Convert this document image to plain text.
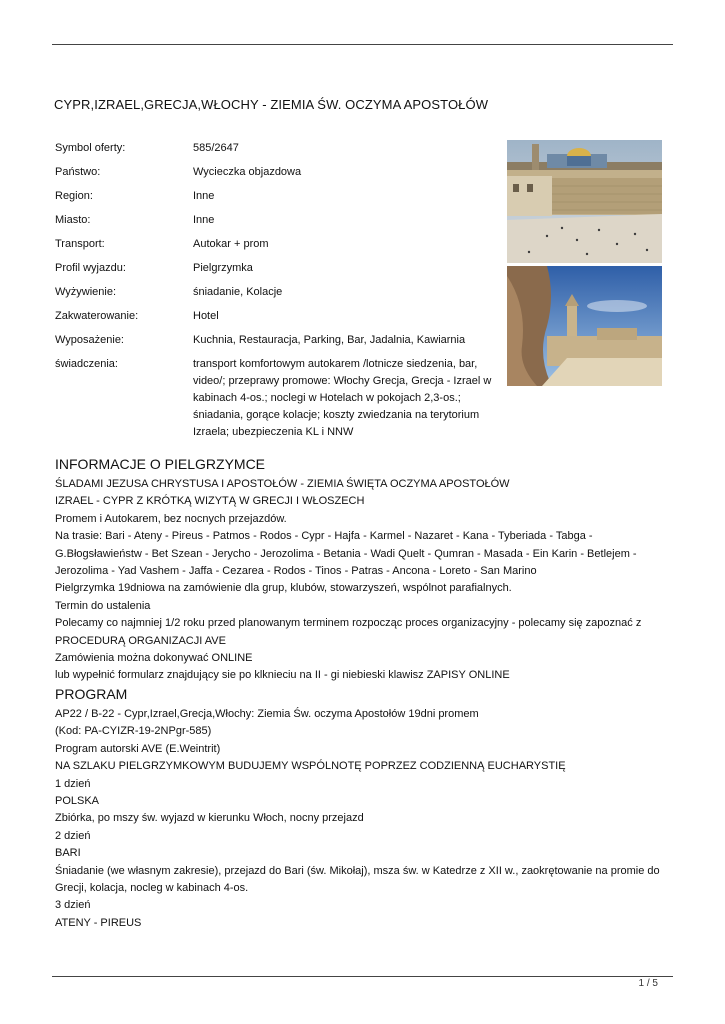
CYPR,IZRAEL,GRECJA,WŁOCHY - ZIEMIA ŚW. OCZYMA APOSTOŁÓW
Symbol oferty:	585/2647
Państwo:	Wycieczka objazdowa
Region:	Inne
Miasto:	Inne
Transport:	Autokar + prom
Profil wyjazdu:	Pielgrzymka
Wyżywienie:	śniadanie, Kolacje
Zakwaterowanie:	Hotel
Wyposażenie:	Kuchnia, Restauracja, Parking, Bar, Jadalnia, Kawiarnia
świadczenia:	transport komfortowym autokarem /lotnicze siedzenia, bar, video/; przeprawy promowe: Włochy Grecja, Grecja - Izrael w kabinach 4-os.; noclegi w Hotelach w pokojach 2,3-os.; śniadania, gorące kolacje; koszty zwiedzania na terytorium Izraela; ubezpieczenia KL i NNW
INFORMACJE O PIELGRZYMCE
ŚLADAMI JEZUSA CHRYSTUSA I APOSTOŁÓW - ZIEMIA ŚWIĘTA OCZYMA APOSTOŁÓW
IZRAEL - CYPR Z KRÓTKĄ WIZYTĄ W GRECJI I WŁOSZECH
Promem i Autokarem, bez nocnych przejazdów.
Na trasie: Bari - Ateny - Pireus - Patmos - Rodos - Cypr - Hajfa - Karmel - Nazaret - Kana - Tyberiada - Tabga -
G.Błogsławieństw - Bet Szean - Jerycho - Jerozolima - Betania - Wadi Quelt - Qumran - Masada - Ein Karin - Betlejem -
Jerozolima - Yad Vashem - Jaffa - Cezarea - Rodos - Tinos - Patras - Ancona - Loreto - San Marino
Pielgrzymka 19dniowa na zamówienie dla grup, klubów, stowarzyszeń, wspólnot parafialnych.
Termin do ustalenia
Polecamy co najmniej 1/2 roku przed planowanym terminem rozpocząc proces organizacyjny - polecamy się zapoznać z
PROCEDURĄ ORGANIZACJI AVE
Zamówienia można dokonywać ONLINE
lub wypełnić formularz znajdujący sie po klknieciu na II - gi niebieski klawisz ZAPISY ONLINE
PROGRAM
AP22 / B-22 - Cypr,Izrael,Grecja,Włochy: Ziemia Św. oczyma Apostołów 19dni promem
(Kod: PA-CYIZR-19-2NPgr-585)
Program autorski AVE (E.Weintrit)
NA SZLAKU PIELGRZYMKOWYM BUDUJEMY WSPÓLNOTĘ POPRZEZ CODZIENNĄ EUCHARYSTIĘ
1 dzień
POLSKA
Zbiórka, po mszy św. wyjazd w kierunku Włoch, nocny przejazd
2 dzień
BARI
Śniadanie (we własnym zakresie), przejazd do Bari (św. Mikołaj), msza św. w Katedrze z XII w., zaokrętowanie na promie do
Grecji, kolacja, nocleg w kabinach 4-os.
3 dzień
ATENY - PIREUS
1 / 5
